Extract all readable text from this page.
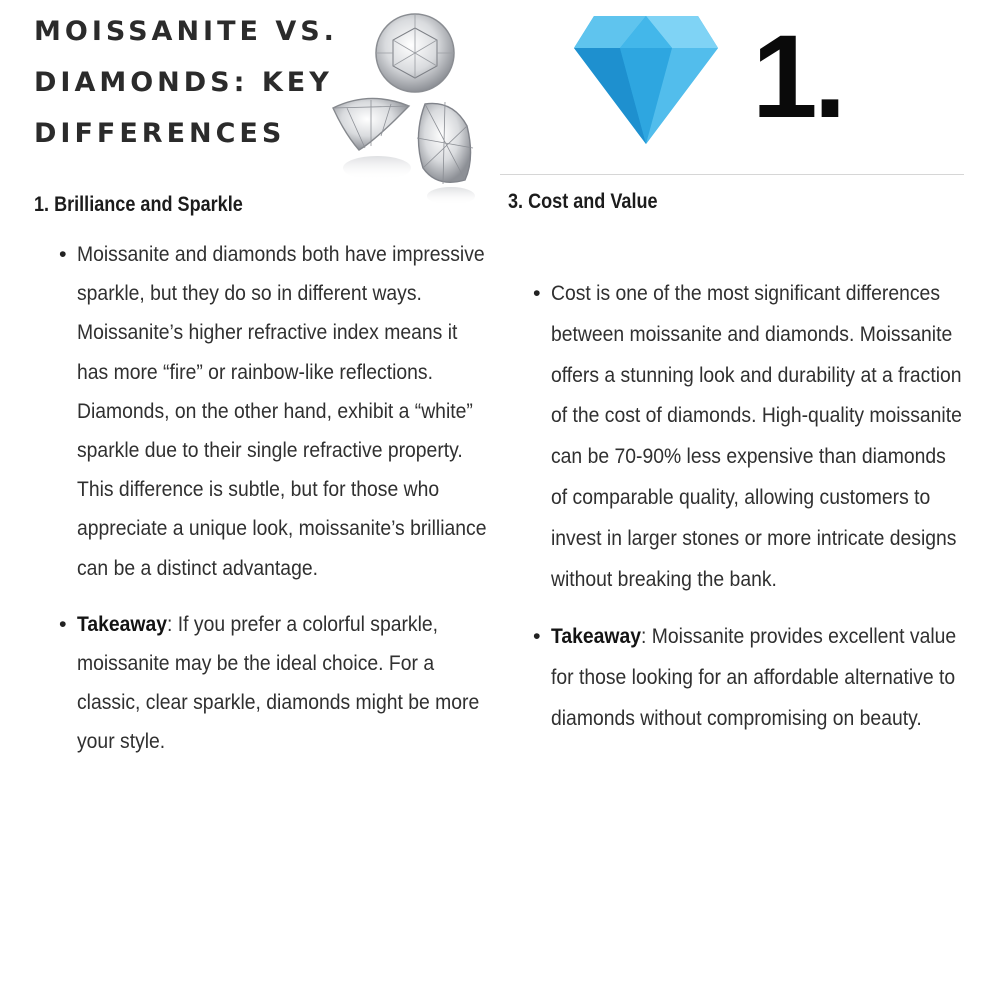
MOISSANITE VS.
DIAMONDS: KEY
DIFFERENCES	1.
1. Brilliance and Sparkle
• Moissanite and diamonds both have impressive sparkle, but they do so in different ways. Moissanite’s higher refractive index means it has more “fire” or rainbow-like reflections. Diamonds, on the other hand, exhibit a “white” sparkle due to their single refractive property. This difference is subtle, but for those who appreciate a unique look, moissanite’s brilliance can be a distinct advantage.
• Takeaway: If you prefer a colorful sparkle, moissanite may be the ideal choice. For a classic, clear sparkle, diamonds might be more your style.
3. Cost and Value
• Cost is one of the most significant differences between moissanite and diamonds. Moissanite offers a stunning look and durability at a fraction of the cost of diamonds. High-quality moissanite can be 70-90% less expensive than diamonds of comparable quality, allowing customers to invest in larger stones or more intricate designs without breaking the bank.
• Takeaway: Moissanite provides excellent value for those looking for an affordable alternative to diamonds without compromising on beauty.
